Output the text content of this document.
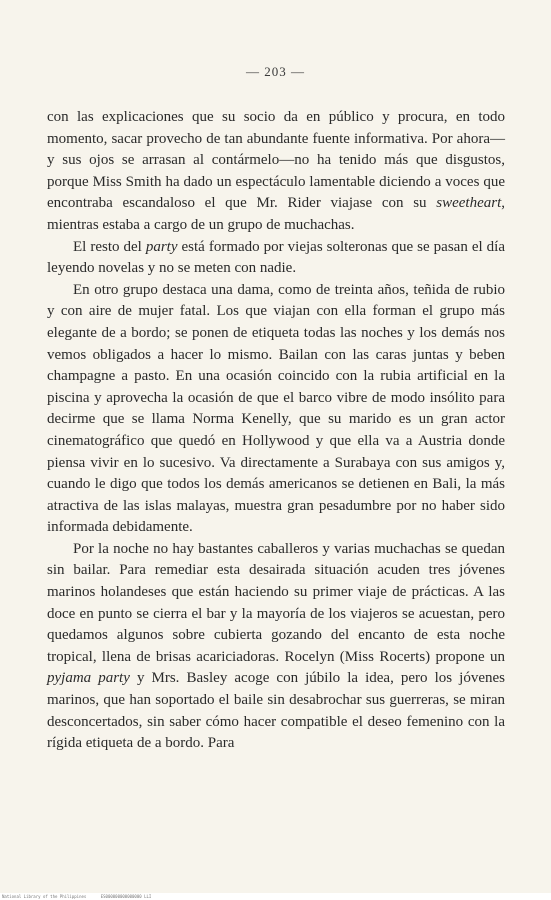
— 203 —

con las explicaciones que su socio da en público y procura, en todo momento, sacar provecho de tan abundante fuente informativa. Por ahora—y sus ojos se arrasan al contármelo—no ha tenido más que disgustos, porque Miss Smith ha dado un espectáculo lamentable diciendo a voces que encontraba escandaloso el que Mr. Rider viajase con su sweetheart, mientras estaba a cargo de un grupo de muchachas.

El resto del party está formado por viejas solteronas que se pasan el día leyendo novelas y no se meten con nadie.

En otro grupo destaca una dama, como de treinta años, teñida de rubio y con aire de mujer fatal. Los que viajan con ella forman el grupo más elegante de a bordo; se ponen de etiqueta todas las noches y los demás nos vemos obligados a hacer lo mismo. Bailan con las caras juntas y beben champagne a pasto. En una ocasión coincido con la rubia artificial en la piscina y aprovecha la ocasión de que el barco vibre de modo insólito para decirme que se llama Norma Kenelly, que su marido es un gran actor cinematográfico que quedó en Hollywood y que ella va a Austria donde piensa vivir en lo sucesivo. Va directamente a Surabaya con sus amigos y, cuando le digo que todos los demás americanos se detienen en Bali, la más atractiva de las islas malayas, muestra gran pesadumbre por no haber sido informada debidamente.

Por la noche no hay bastantes caballeros y varias muchachas se quedan sin bailar. Para remediar esta desairada situación acuden tres jóvenes marinos holandeses que están haciendo su primer viaje de prácticas. A las doce en punto se cierra el bar y la mayoría de los viajeros se acuestan, pero quedamos algunos sobre cubierta gozando del encanto de esta noche tropical, llena de brisas acariciadoras. Rocelyn (Miss Rocerts) propone un pyjama party y Mrs. Basley acoge con júbilo la idea, pero los jóvenes marinos, que han soportado el baile sin desabrochar sus guerreras, se miran desconcertados, sin saber cómo hacer compatible el deseo femenino con la rígida etiqueta de a bordo. Para

National Library of the Philippines	ES000000000000000 LLI
